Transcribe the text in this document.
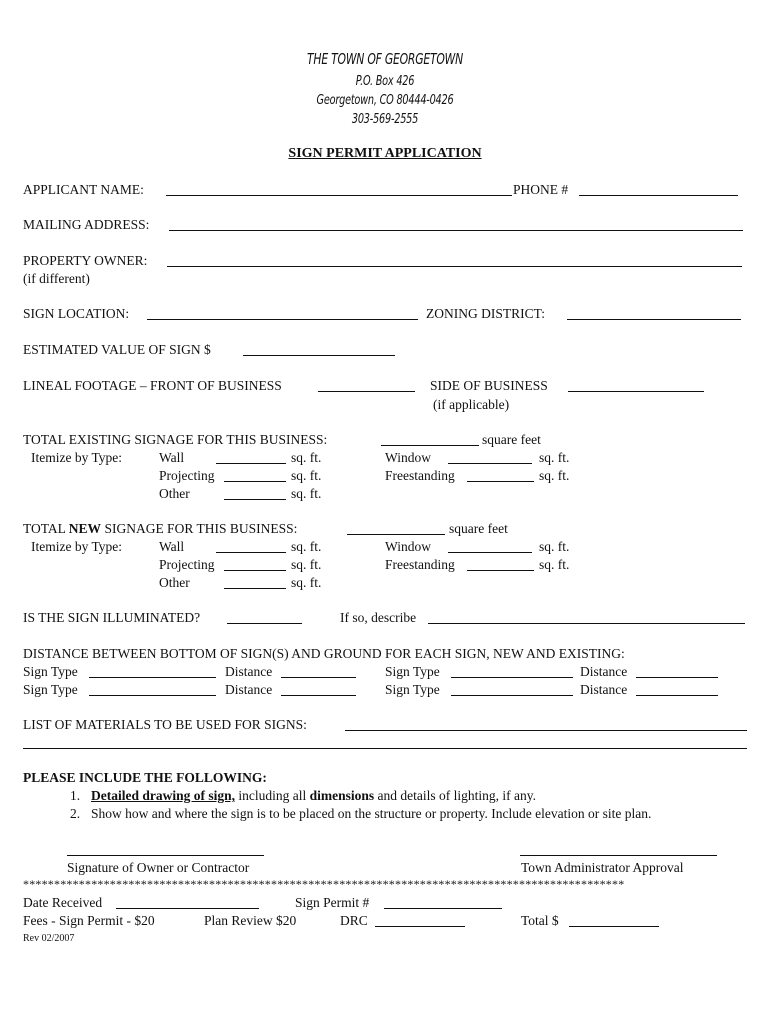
THE TOWN OF GEORGETOWN
P.O. Box 426
Georgetown, CO 80444-0426
303-569-2555
SIGN PERMIT APPLICATION
APPLICANT NAME:	PHONE #
MAILING ADDRESS:
PROPERTY OWNER:
(if different)
SIGN LOCATION:	ZONING DISTRICT:
ESTIMATED VALUE OF SIGN $
LINEAL FOOTAGE – FRONT OF BUSINESS	SIDE OF BUSINESS
(if applicable)
TOTAL EXISTING SIGNAGE FOR THIS BUSINESS:	square feet
Itemize by Type:	Wall	sq. ft.	Window	sq. ft.
Projecting	sq. ft.	Freestanding	sq. ft.
Other	sq. ft.
TOTAL NEW SIGNAGE FOR THIS BUSINESS:	square feet
Itemize by Type:	Wall	sq. ft.	Window	sq. ft.
Projecting	sq. ft.	Freestanding	sq. ft.
Other	sq. ft.
IS THE SIGN ILLUMINATED?	If so, describe
DISTANCE BETWEEN BOTTOM OF SIGN(S) AND GROUND FOR EACH SIGN, NEW AND EXISTING:
Sign Type	Distance	Sign Type	Distance
Sign Type	Distance	Sign Type	Distance
LIST OF MATERIALS TO BE USED FOR SIGNS:
PLEASE INCLUDE THE FOLLOWING:
1. Detailed drawing of sign, including all dimensions and details of lighting, if any.
2. Show how and where the sign is to be placed on the structure or property. Include elevation or site plan.
Signature of Owner or Contractor	Town Administrator Approval
*************************************************************************************************
Date Received	Sign Permit #
Fees - Sign Permit - $20	Plan Review $20	DRC	Total $
Rev 02/2007
